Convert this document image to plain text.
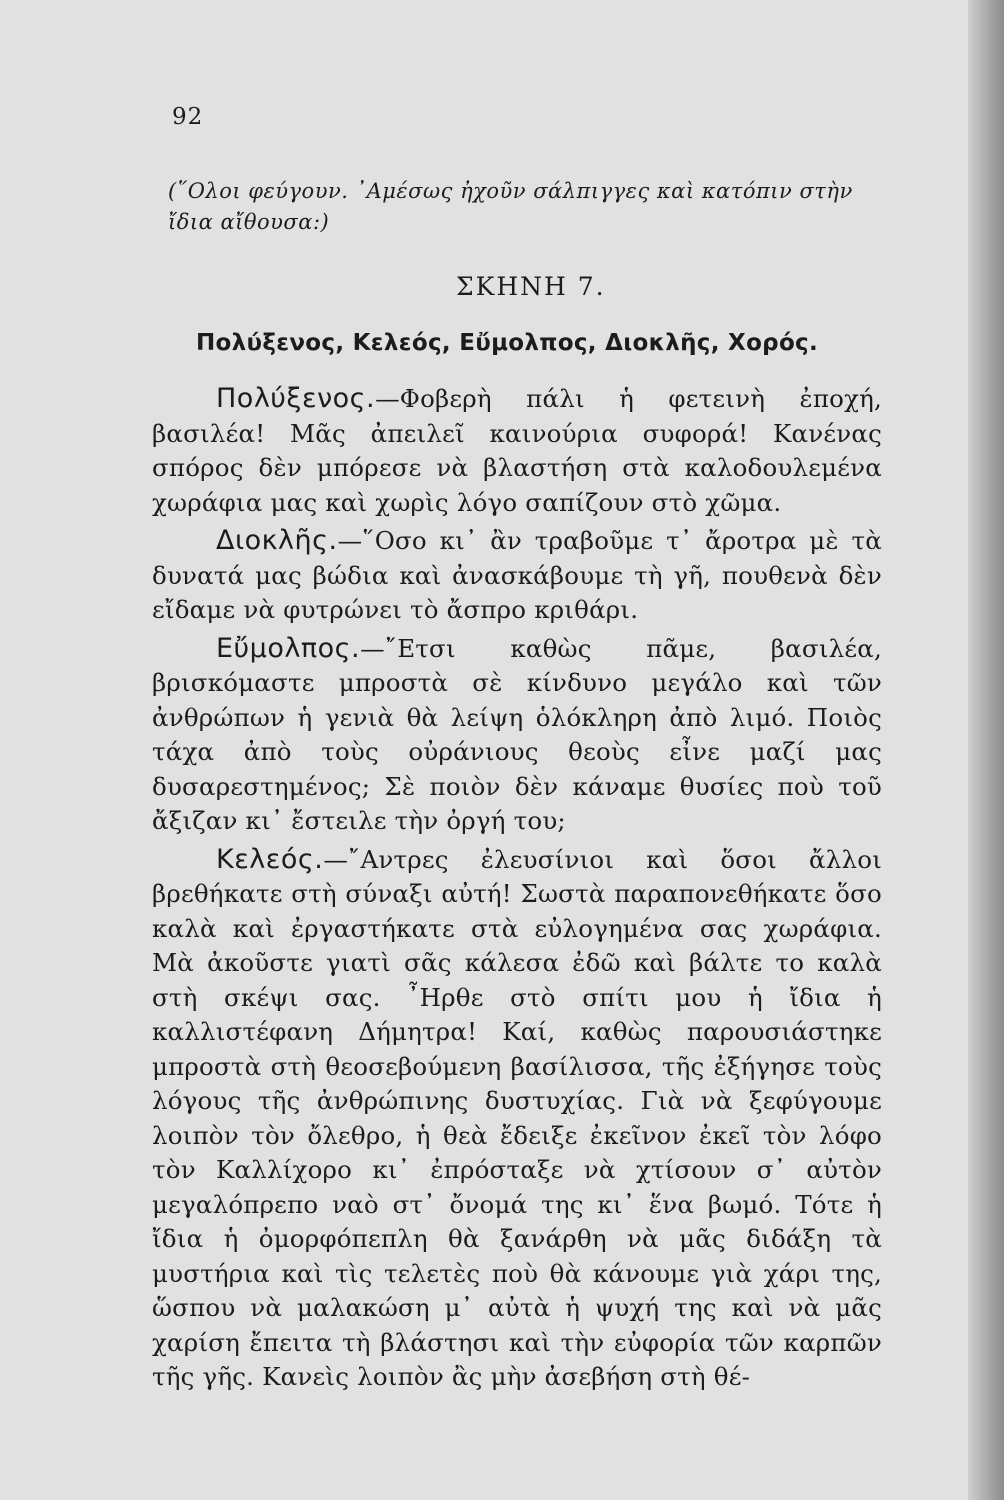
92
(῞Ολοι φεύγουν. ᾿Αμέσως ἠχοῦν σάλπιγγες καὶ κατόπιν στὴν ἴδια αἴθουσα:)
ΣΚΗΝΗ 7.
Πολύξενος, Κελεός, Εὔμολπος, Διοκλῆς, Χορός.

Πολύξενος.—Φοβερὴ πάλι ἡ φετεινὴ ἐποχή, βασιλέα! Μᾶς ἀπειλεῖ καινούρια συφορά! Κανένας σπόρος δὲν μπόρεσε νὰ βλαστήση στὰ καλοδουλεμένα χωράφια μας καὶ χωρὶς λόγο σαπίζουν στὸ χῶμα.

Διοκλῆς.—῞Οσο κι᾿ ἂν τραβοῦμε τ᾿ ἄροτρα μὲ τὰ δυνατά μας βώδια καὶ ἀνασκάβουμε τὴ γῆ, πουθενὰ δὲν εἴδαμε νὰ φυτρώνει τὸ ἄσπρο κριθάρι.

Εὔμολπος.—῎Ετσι καθὼς πᾶμε, βασιλέα, βρισκόμαστε μπροστὰ σὲ κίνδυνο μεγάλο καὶ τῶν ἀνθρώπων ἡ γενιὰ θὰ λείψη ὁλόκληρη ἀπὸ λιμό. Ποιὸς τάχα ἀπὸ τοὺς οὐράνιους θεοὺς εἶνε μαζί μας δυσαρεστημένος; Σὲ ποιὸν δὲν κάναμε θυσίες ποὺ τοῦ ἄξιζαν κι᾿ ἔστειλε τὴν ὀργή του;

Κελεός.—῎Αντρες ἐλευσίνιοι καὶ ὅσοι ἄλλοι βρεθήκατε στὴ σύναξι αὐτή! Σωστὰ παραπονεθήκατε ὅσο καλὰ καὶ ἐργαστήκατε στὰ εὐλογημένα σας χωράφια. Μὰ ἀκοῦστε γιατὶ σᾶς κάλεσα ἐδῶ καὶ βάλτε το καλὰ στὴ σκέψι σας. ῏Ηρθε στὸ σπίτι μου ἡ ἴδια ἡ καλλιστέφανη Δήμητρα! Καί, καθὼς παρουσιάστηκε μπροστὰ στὴ θεοσεβούμενη βασίλισσα, τῆς ἐξήγησε τοὺς λόγους τῆς ἀνθρώπινης δυστυχίας. Γιὰ νὰ ξεφύγουμε λοιπὸν τὸν ὄλεθρο, ἡ θεὰ ἔδειξε ἐκεῖνον ἐκεῖ τὸν λόφο τὸν Καλλίχορο κι᾿ ἐπρόσταξε νὰ χτίσουν σ᾿ αὐτὸν μεγαλόπρεπο ναὸ στ᾿ ὄνομά της κι᾿ ἕνα βωμό. Τότε ἡ ἴδια ἡ ὀμορφόπεπλη θὰ ξανάρθη νὰ μᾶς διδάξη τὰ μυστήρια καὶ τὶς τελετὲς ποὺ θὰ κάνουμε γιὰ χάρι της, ὥσπου νὰ μαλακώση μ᾿ αὐτὰ ἡ ψυχή της καὶ νὰ μᾶς χαρίση ἔπειτα τὴ βλάστησι καὶ τὴν εὐφορία τῶν καρπῶν τῆς γῆς. Κανεὶς λοιπὸν ἂς μὴν ἀσεβήση στὴ θέ-
